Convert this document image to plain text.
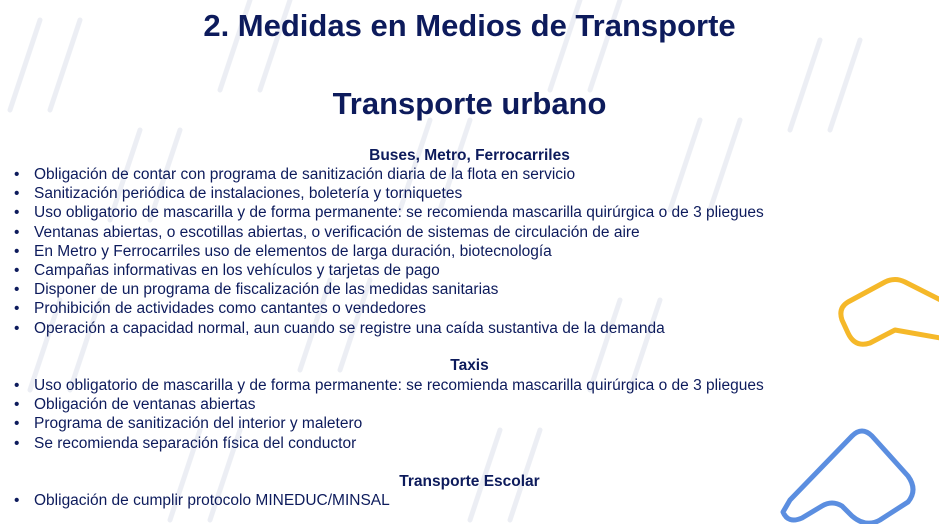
2. Medidas en Medios de Transporte
Transporte urbano
Buses, Metro, Ferrocarriles
• Obligación de contar con programa de sanitización diaria de la flota en servicio
• Sanitización periódica de instalaciones, boletería y torniquetes
• Uso obligatorio de mascarilla y de forma permanente: se recomienda mascarilla quirúrgica o de 3 pliegues
• Ventanas abiertas, o escotillas abiertas, o verificación de sistemas de circulación de aire
• En Metro y Ferrocarriles uso de elementos de larga duración, biotecnología
• Campañas informativas en los vehículos y tarjetas de pago
• Disponer de un programa de fiscalización de las medidas sanitarias
• Prohibición de actividades como cantantes o vendedores
• Operación a capacidad normal, aun cuando se registre una caída sustantiva de la demanda
Taxis
• Uso obligatorio de mascarilla y de forma permanente: se recomienda mascarilla quirúrgica o de 3 pliegues
• Obligación de ventanas abiertas
• Programa de sanitización del interior y maletero
• Se recomienda separación física del conductor
Transporte Escolar
• Obligación de cumplir protocolo MINEDUC/MINSAL
